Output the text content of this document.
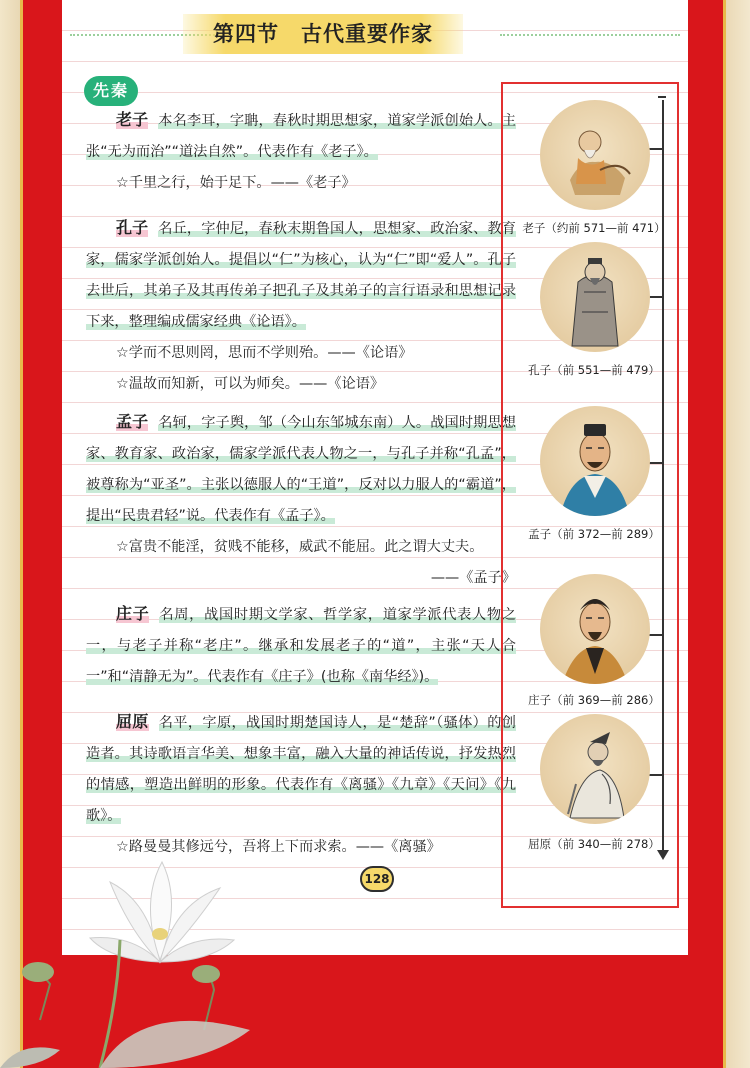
第四节 古代重要作家
先秦

老子 本名李耳，字聃，春秋时期思想家，道家学派创始人。主张“无为而治”“道法自然”。代表作有《老子》。

☆千里之行，始于足下。——《老子》

孔子 名丘，字仲尼，春秋末期鲁国人，思想家、政治家、教育家，儒家学派创始人。提倡以“仁”为核心，认为“仁”即“爱人”。孔子去世后，其弟子及其再传弟子把孔子及其弟子的言行语录和思想记录下来，整理编成儒家经典《论语》。

☆学而不思则罔，思而不学则殆。——《论语》

☆温故而知新，可以为师矣。——《论语》

孟子 名轲，字子舆，邹（今山东邹城东南）人。战国时期思想家、教育家、政治家，儒家学派代表人物之一，与孔子并称“孔孟”，被尊称为“亚圣”。主张以德服人的“王道”，反对以力服人的“霸道”，提出“民贵君轻”说。代表作有《孟子》。

☆富贵不能淫，贫贱不能移，威武不能屈。此之谓大丈夫。

——《孟子》

庄子 名周，战国时期文学家、哲学家，道家学派代表人物之一，与老子并称“老庄”。继承和发展老子的“道”，主张“天人合一”和“清静无为”。代表作有《庄子》(也称《南华经》)。

屈原 名平，字原，战国时期楚国诗人，是“楚辞”（骚体）的创造者。其诗歌语言华美、想象丰富，融入大量的神话传说，抒发热烈的情感，塑造出鲜明的形象。代表作有《离骚》《九章》《天问》《九歌》。

☆路曼曼其修远兮，吾将上下而求索。——《离骚》

老子（约前 571—前 471）
孔子（前 551—前 479）
孟子（前 372—前 289）
庄子（前 369—前 286）
屈原（前 340—前 278）
128
